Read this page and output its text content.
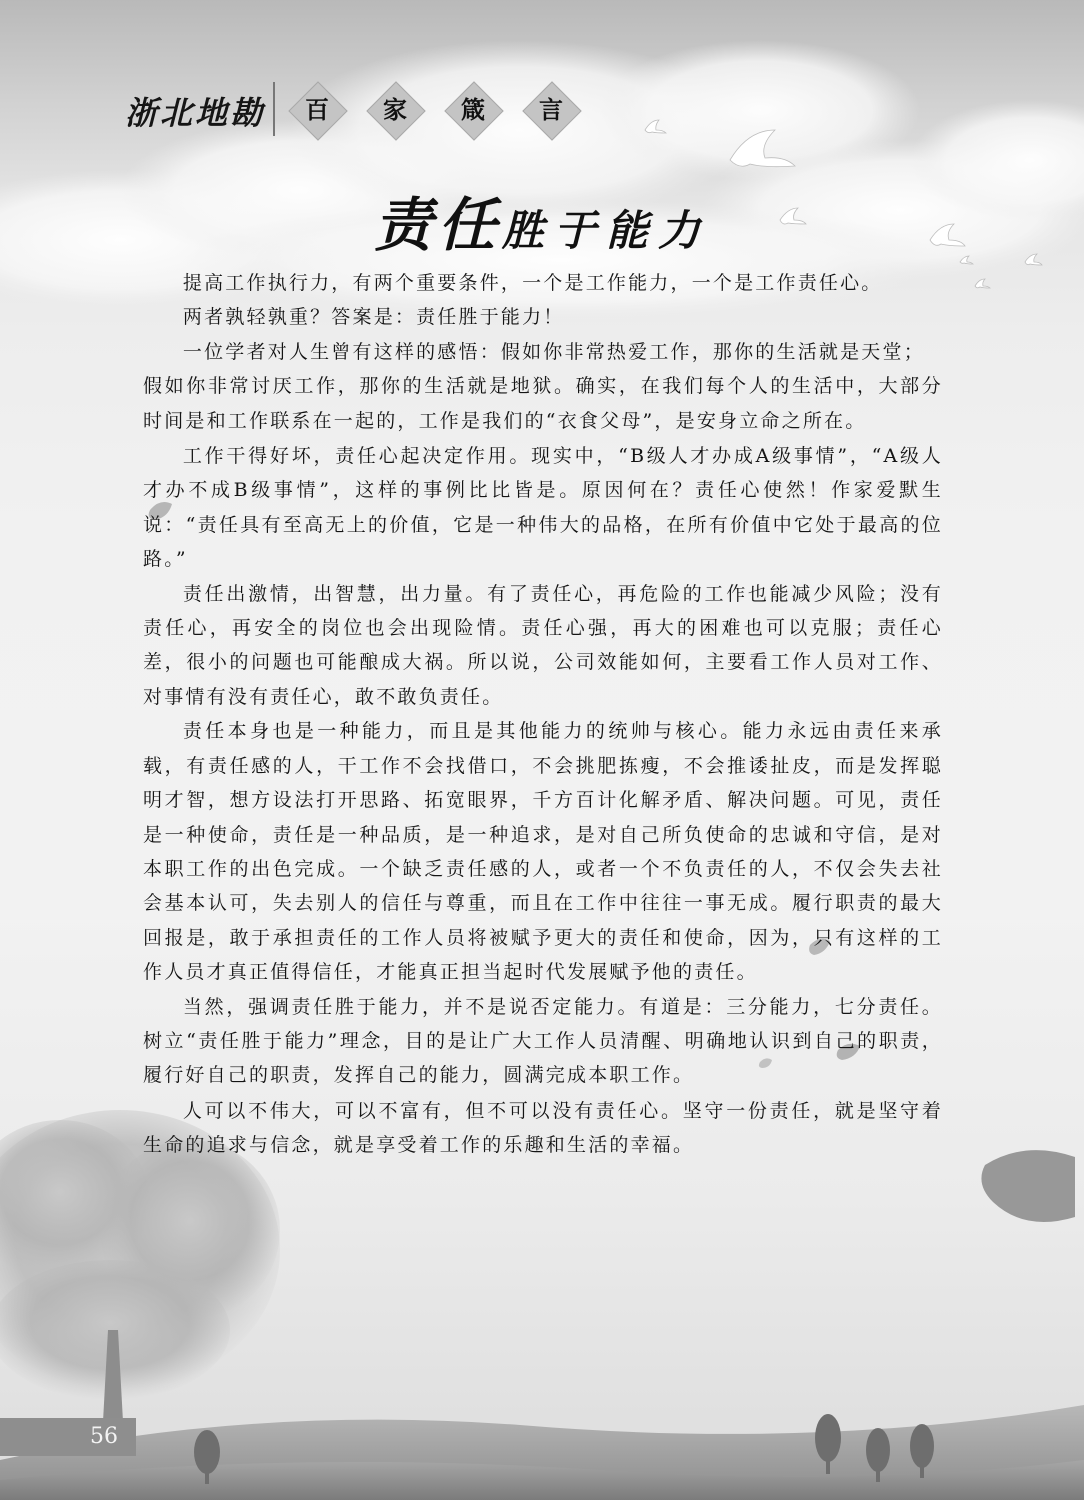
浙北地勘	百	家	箴	言
责任胜于能力

提高工作执行力，有两个重要条件，一个是工作能力，一个是工作责任心。

两者孰轻孰重？答案是：责任胜于能力！

一位学者对人生曾有这样的感悟：假如你非常热爱工作，那你的生活就是天堂；

假如你非常讨厌工作，那你的生活就是地狱。确实，在我们每个人的生活中，大部分时间是和工作联系在一起的，工作是我们的“衣食父母”，是安身立命之所在。

工作干得好坏，责任心起决定作用。现实中，“B级人才办成A级事情”，“A级人才办不成B级事情”，这样的事例比比皆是。原因何在？责任心使然！作家爱默生说：“责任具有至高无上的价值，它是一种伟大的品格，在所有价值中它处于最高的位路。”

责任出激情，出智慧，出力量。有了责任心，再危险的工作也能减少风险；没有责任心，再安全的岗位也会出现险情。责任心强，再大的困难也可以克服；责任心差，很小的问题也可能酿成大祸。所以说，公司效能如何，主要看工作人员对工作、对事情有没有责任心，敢不敢负责任。

责任本身也是一种能力，而且是其他能力的统帅与核心。能力永远由责任来承载，有责任感的人，干工作不会找借口，不会挑肥拣瘦，不会推诿扯皮，而是发挥聪明才智，想方设法打开思路、拓宽眼界，千方百计化解矛盾、解决问题。可见，责任是一种使命，责任是一种品质，是一种追求，是对自己所负使命的忠诚和守信，是对本职工作的出色完成。一个缺乏责任感的人，或者一个不负责任的人，不仅会失去社会基本认可，失去别人的信任与尊重，而且在工作中往往一事无成。履行职责的最大回报是，敢于承担责任的工作人员将被赋予更大的责任和使命，因为，只有这样的工作人员才真正值得信任，才能真正担当起时代发展赋予他的责任。

当然，强调责任胜于能力，并不是说否定能力。有道是：三分能力，七分责任。树立“责任胜于能力”理念，目的是让广大工作人员清醒、明确地认识到自己的职责，履行好自己的职责，发挥自己的能力，圆满完成本职工作。

人可以不伟大，可以不富有，但不可以没有责任心。坚守一份责任，就是坚守着生命的追求与信念，就是享受着工作的乐趣和生活的幸福。

56
